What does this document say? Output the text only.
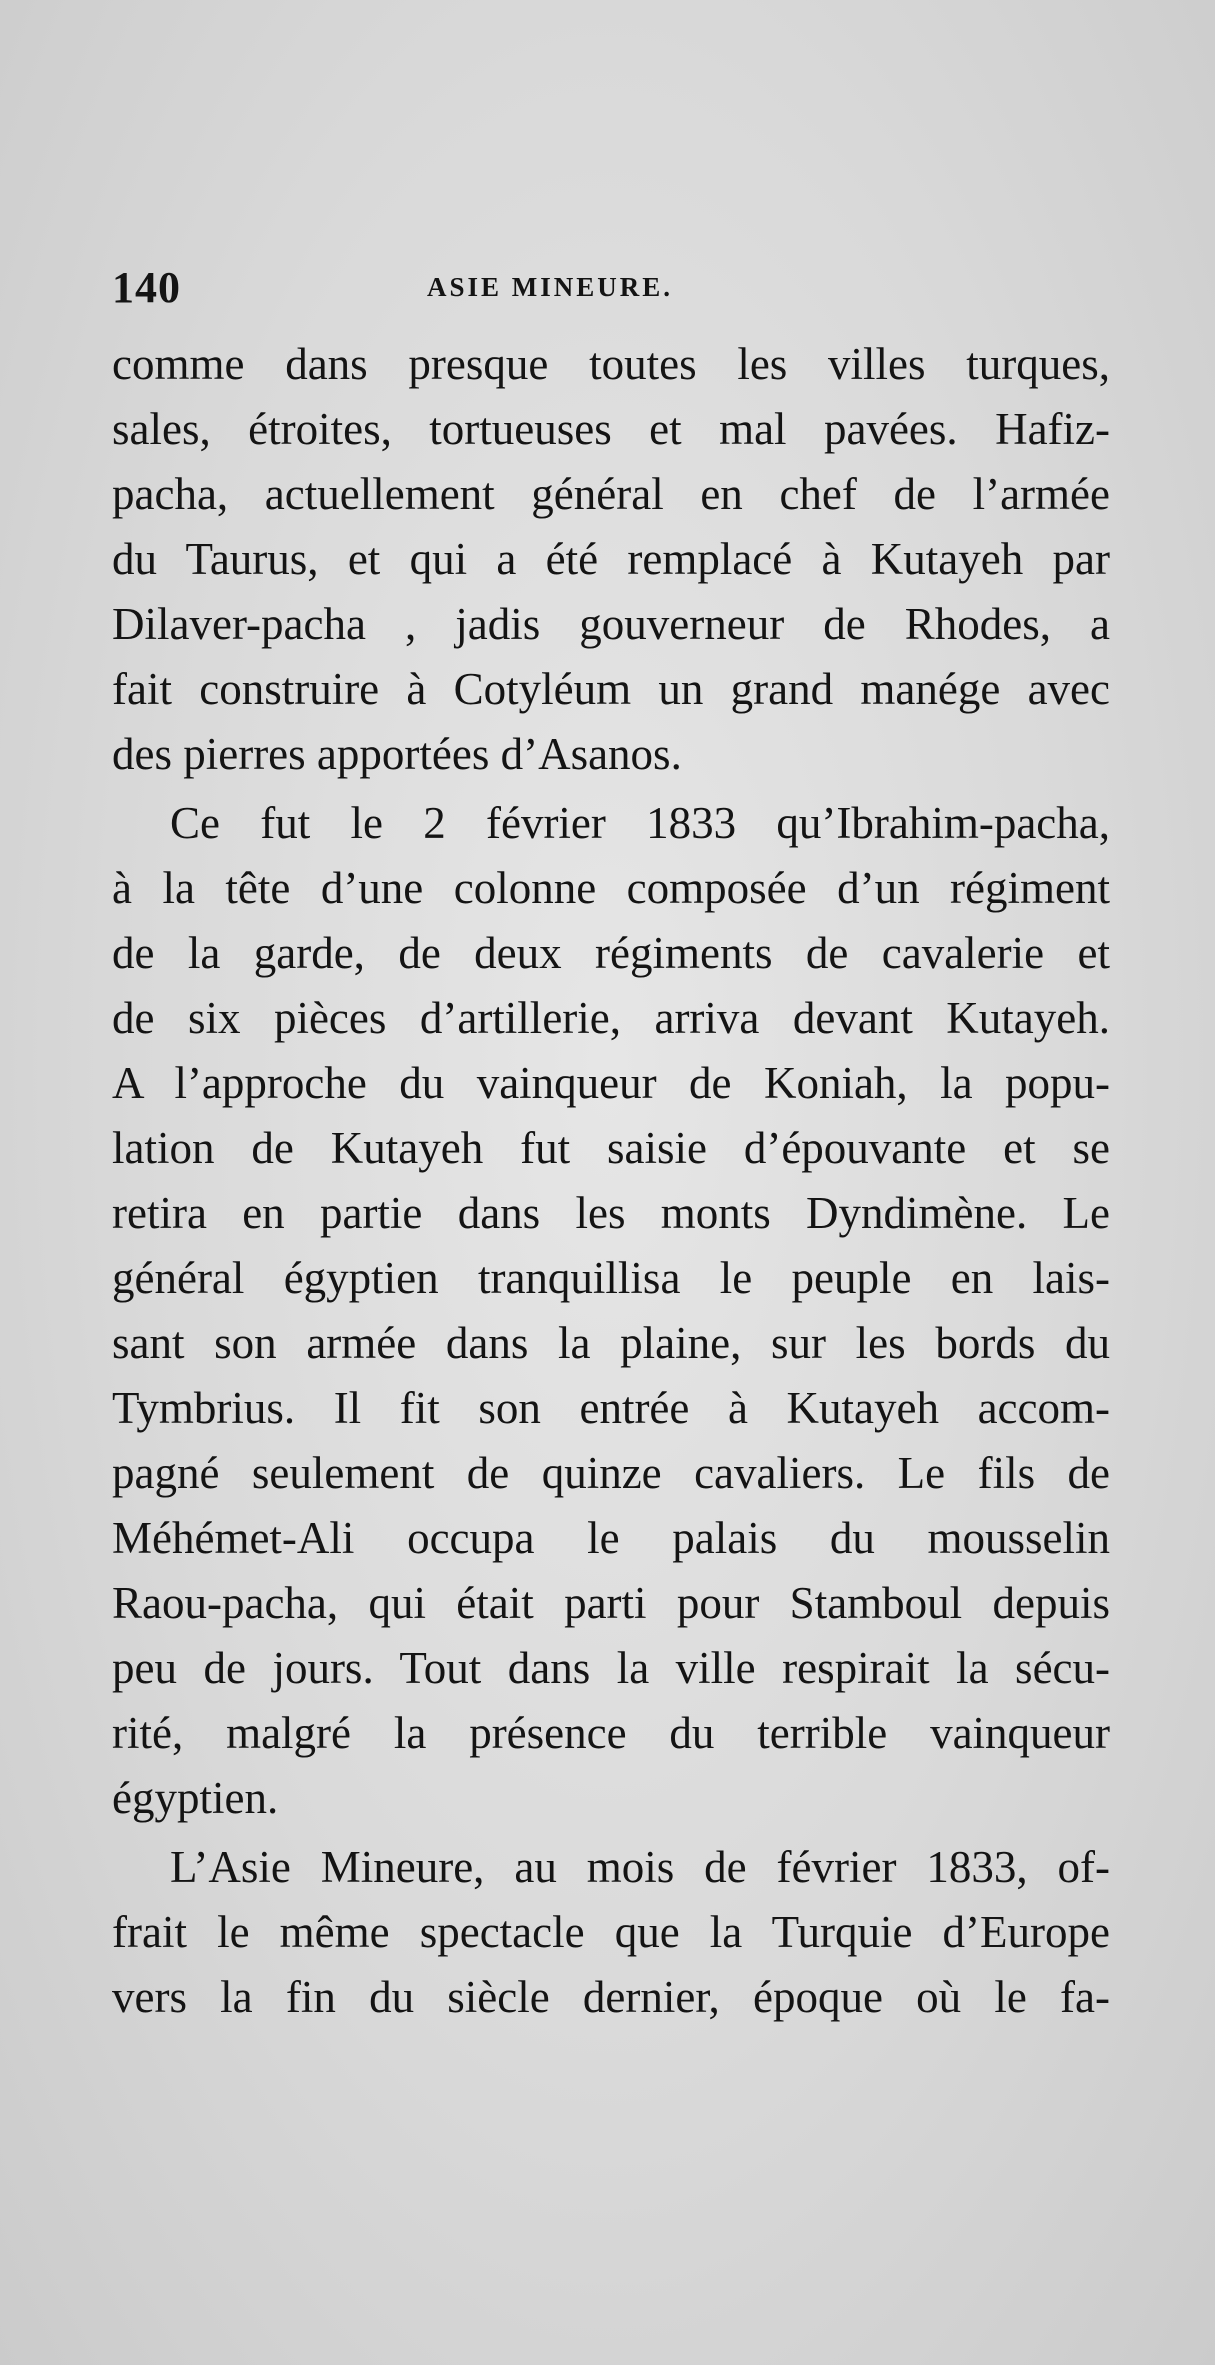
140	ASIE MINEURE.
comme dans presque toutes les villes turques,
sales, étroites, tortueuses et mal pavées. Hafiz-
pacha, actuellement général en chef de l’armée
du Taurus, et qui a été remplacé à Kutayeh par
Dilaver-pacha , jadis gouverneur de Rhodes, a
fait construire à Cotyléum un grand manége avec
des pierres apportées d’Asanos.
Ce fut le 2 février 1833 qu’Ibrahim-pacha,
à la tête d’une colonne composée d’un régiment
de la garde, de deux régiments de cavalerie et
de six pièces d’artillerie, arriva devant Kutayeh.
A l’approche du vainqueur de Koniah, la popu-
lation de Kutayeh fut saisie d’épouvante et se
retira en partie dans les monts Dyndimène. Le
général égyptien tranquillisa le peuple en lais-
sant son armée dans la plaine, sur les bords du
Tymbrius. Il fit son entrée à Kutayeh accom-
pagné seulement de quinze cavaliers. Le fils de
Méhémet-Ali occupa le palais du mousselin
Raou-pacha, qui était parti pour Stamboul depuis
peu de jours. Tout dans la ville respirait la sécu-
rité, malgré la présence du terrible vainqueur
égyptien.
L’Asie Mineure, au mois de février 1833, of-
frait le même spectacle que la Turquie d’Europe
vers la fin du siècle dernier, époque où le fa-
